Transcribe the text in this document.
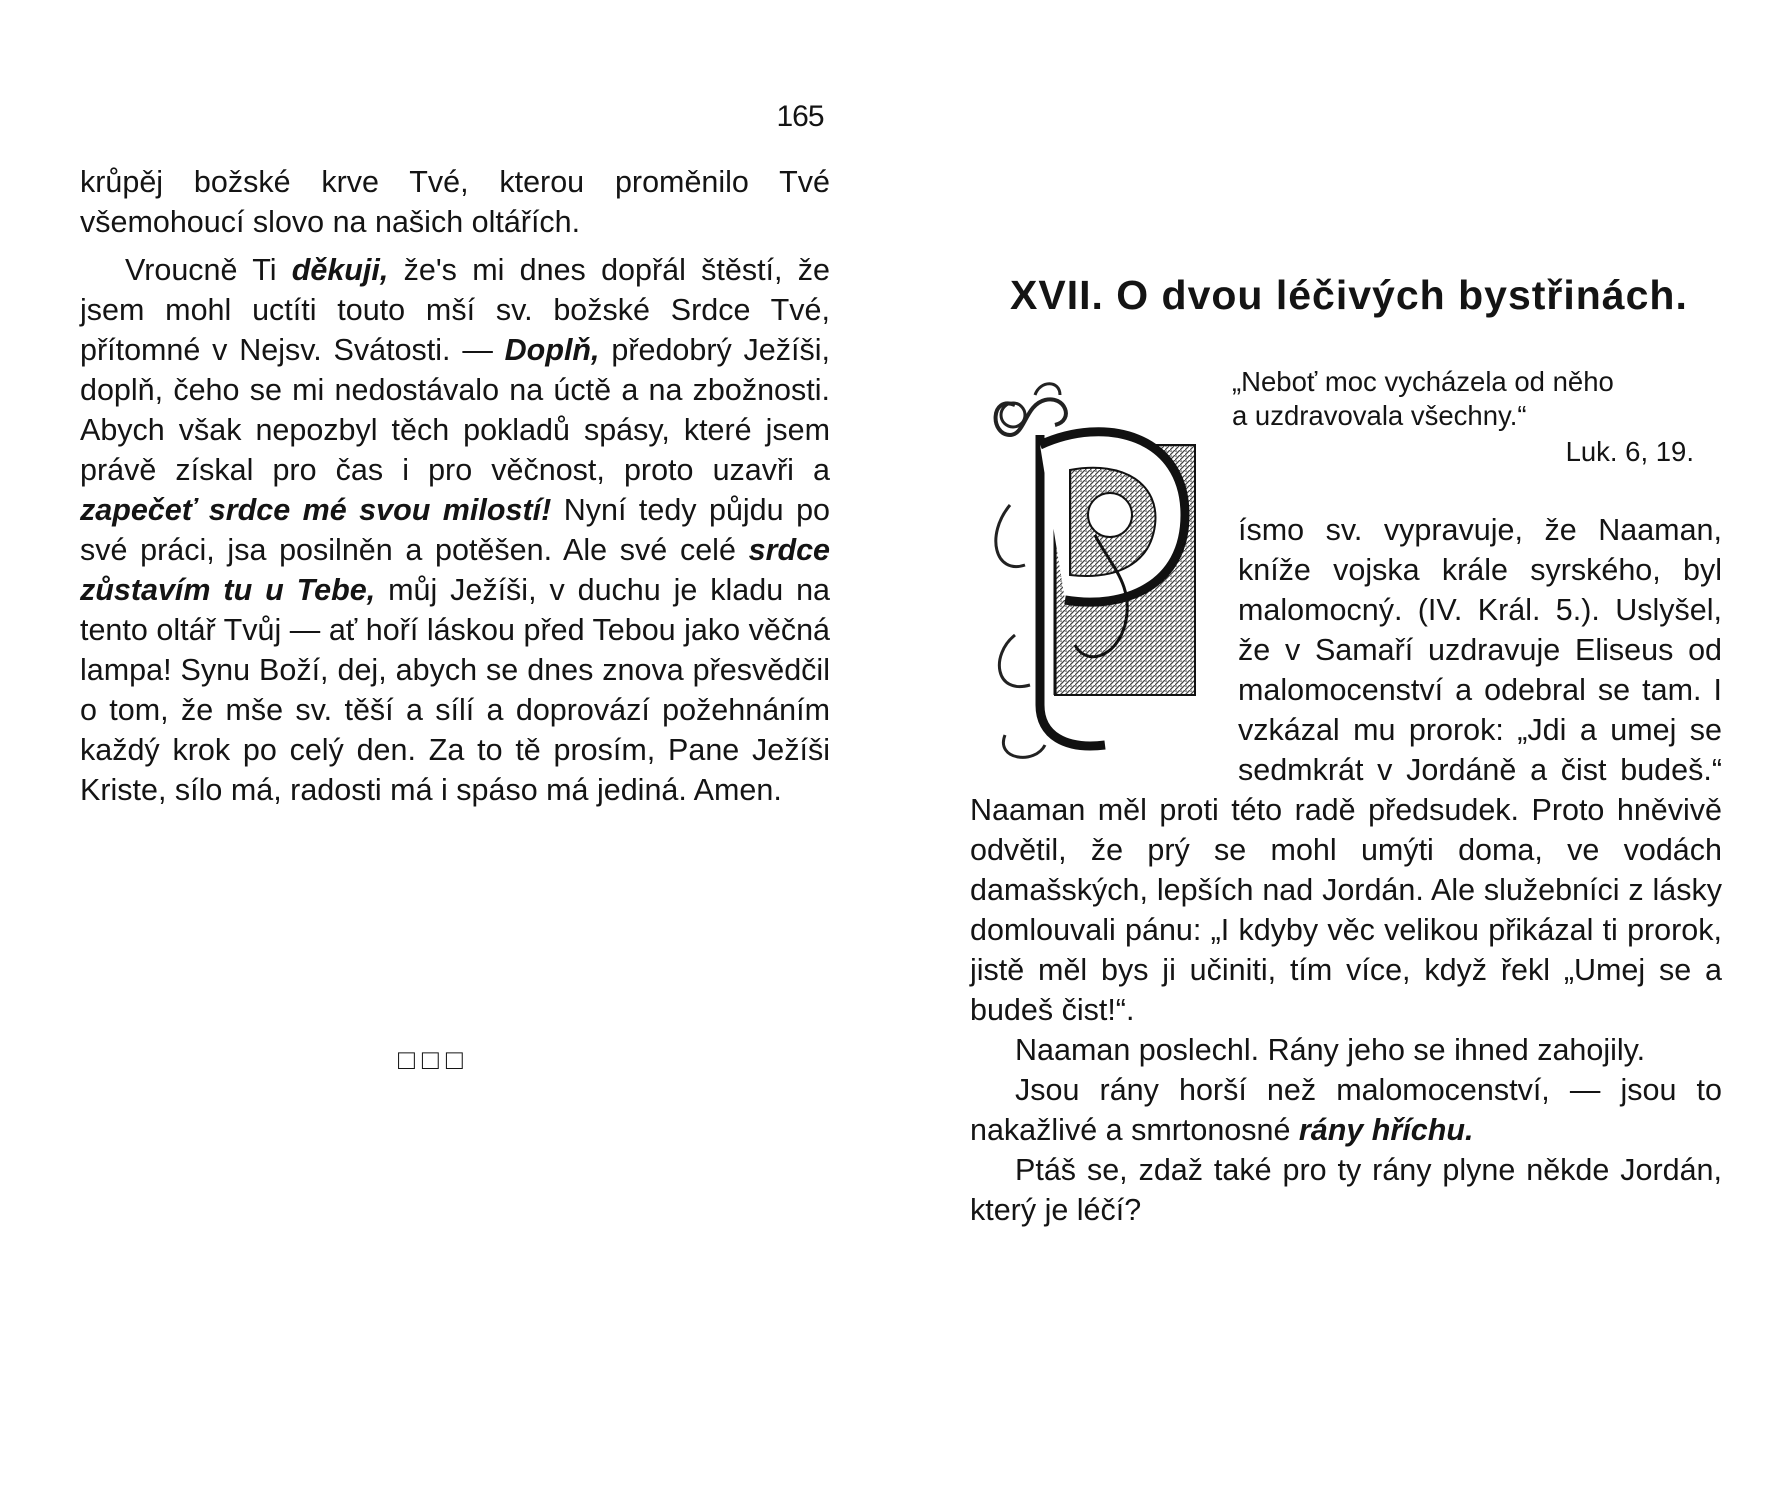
165

krůpěj božské krve Tvé, kterou proměnilo Tvé všemohoucí slovo na našich oltářích.

Vroucně Ti děkuji, že's mi dnes dopřál štěstí, že jsem mohl uctíti touto mší sv. božské Srdce Tvé, přítomné v Nejsv. Svátosti. — Doplň, předobrý Ježíši, doplň, čeho se mi nedostávalo na úctě a na zbožnosti. Abych však nepozbyl těch pokladů spásy, které jsem právě získal pro čas i pro věčnost, proto uzavři a zapečeť srdce mé svou milostí! Nyní tedy půjdu po své práci, jsa posilněn a potěšen. Ale své celé srdce zůstavím tu u Tebe, můj Ježíši, v duchu je kladu na tento oltář Tvůj — ať hoří láskou před Tebou jako věčná lampa! Synu Boží, dej, abych se dnes znova přesvědčil o tom, že mše sv. těší a sílí a doprovází požehnáním každý krok po celý den. Za to tě prosím, Pane Ježíši Kriste, sílo má, radosti má i spáso má jediná. Amen.

□□□
XVII. O dvou léčivých bystřinách.
„Neboť moc vycházela od něho
a uzdravovala všechny.“
Luk. 6, 19.

ísmo sv. vypravuje, že Naaman, kníže vojska krále syrského, byl malomocný. (IV. Král. 5.). Uslyšel, že v Samaří uzdravuje Eliseus od malomocenství a odebral se tam. I vzkázal mu prorok: „Jdi a umej se sedmkrát v Jordáně a čist budeš.“ Naaman měl proti této radě předsudek. Proto hněvivě odvětil, že prý se mohl umýti doma, ve vodách damašských, lepších nad Jordán. Ale služebníci z lásky domlouvali pánu: „I kdyby věc velikou přikázal ti prorok, jistě měl bys ji učiniti, tím více, když řekl „Umej se a budeš čist!“.

Naaman poslechl. Rány jeho se ihned zahojily.

Jsou rány horší než malomocenství, — jsou to nakažlivé a smrtonosné rány hříchu.

Ptáš se, zdaž také pro ty rány plyne někde Jordán, který je léčí?
